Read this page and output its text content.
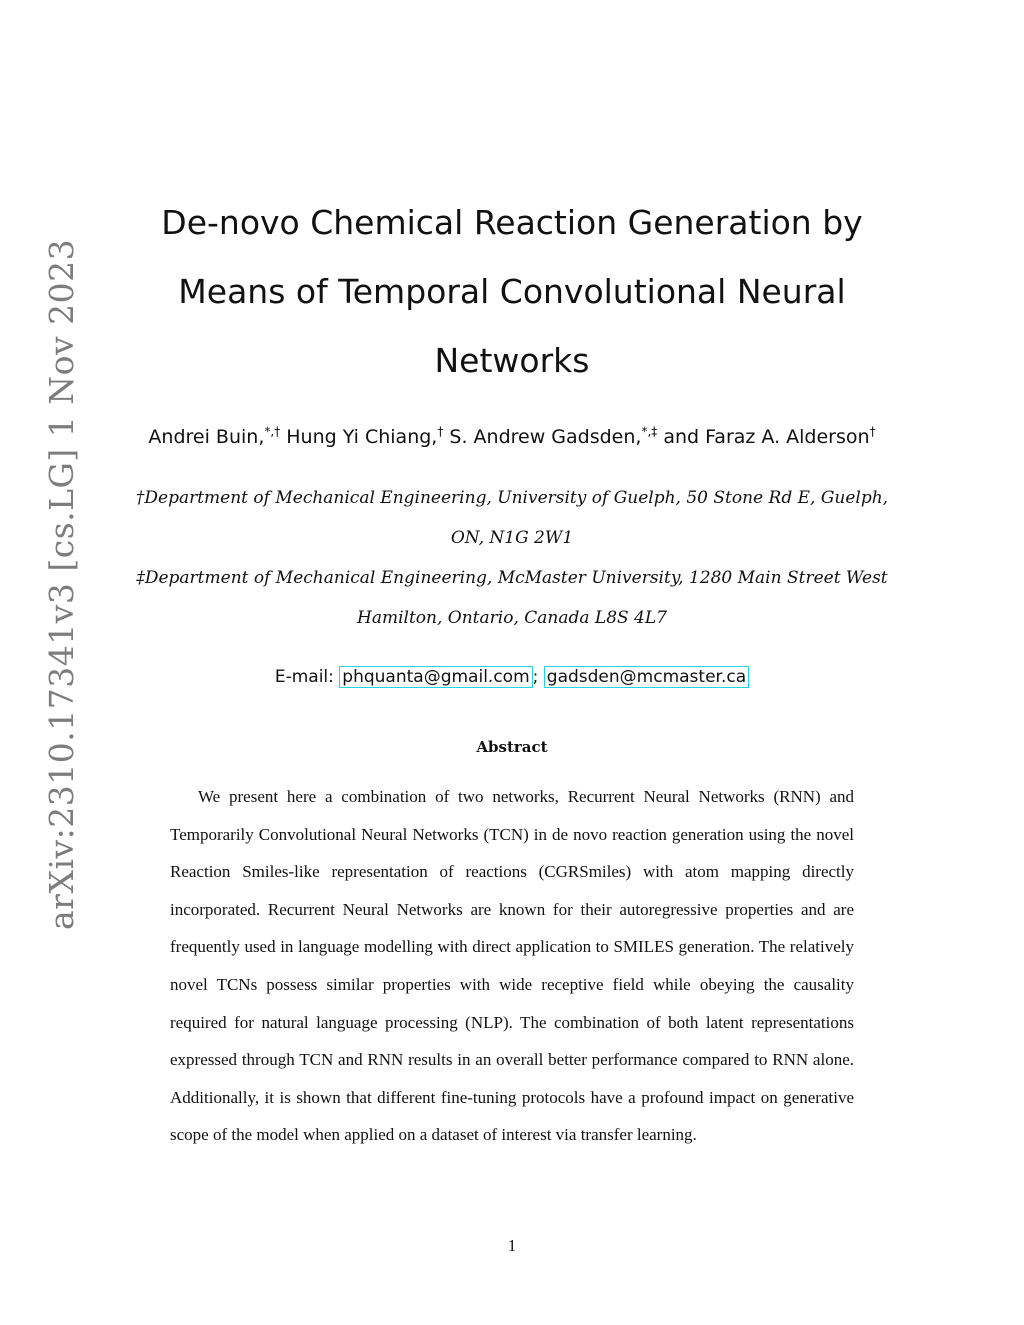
arXiv:2310.17341v3 [cs.LG] 1 Nov 2023
De-novo Chemical Reaction Generation by
Means of Temporal Convolutional Neural
Networks
Andrei Buin,*,† Hung Yi Chiang,† S. Andrew Gadsden,*,‡ and Faraz A. Alderson†
†Department of Mechanical Engineering, University of Guelph, 50 Stone Rd E, Guelph,
ON, N1G 2W1
‡Department of Mechanical Engineering, McMaster University, 1280 Main Street West
Hamilton, Ontario, Canada L8S 4L7
E-mail: phquanta@gmail.com ; gadsden@mcmaster.ca
Abstract

We present here a combination of two networks, Recurrent Neural Networks (RNN) and Temporarily Convolutional Neural Networks (TCN) in de novo reaction generation using the novel Reaction Smiles-like representation of reactions (CGRSmiles) with atom mapping directly incorporated. Recurrent Neural Networks are known for their autoregressive properties and are frequently used in language modelling with direct application to SMILES generation. The relatively novel TCNs possess similar properties with wide receptive field while obeying the causality required for natural language processing (NLP). The combination of both latent representations expressed through TCN and RNN results in an overall better performance compared to RNN alone. Additionally, it is shown that different fine-tuning protocols have a profound impact on generative scope of the model when applied on a dataset of interest via transfer learning.

1
